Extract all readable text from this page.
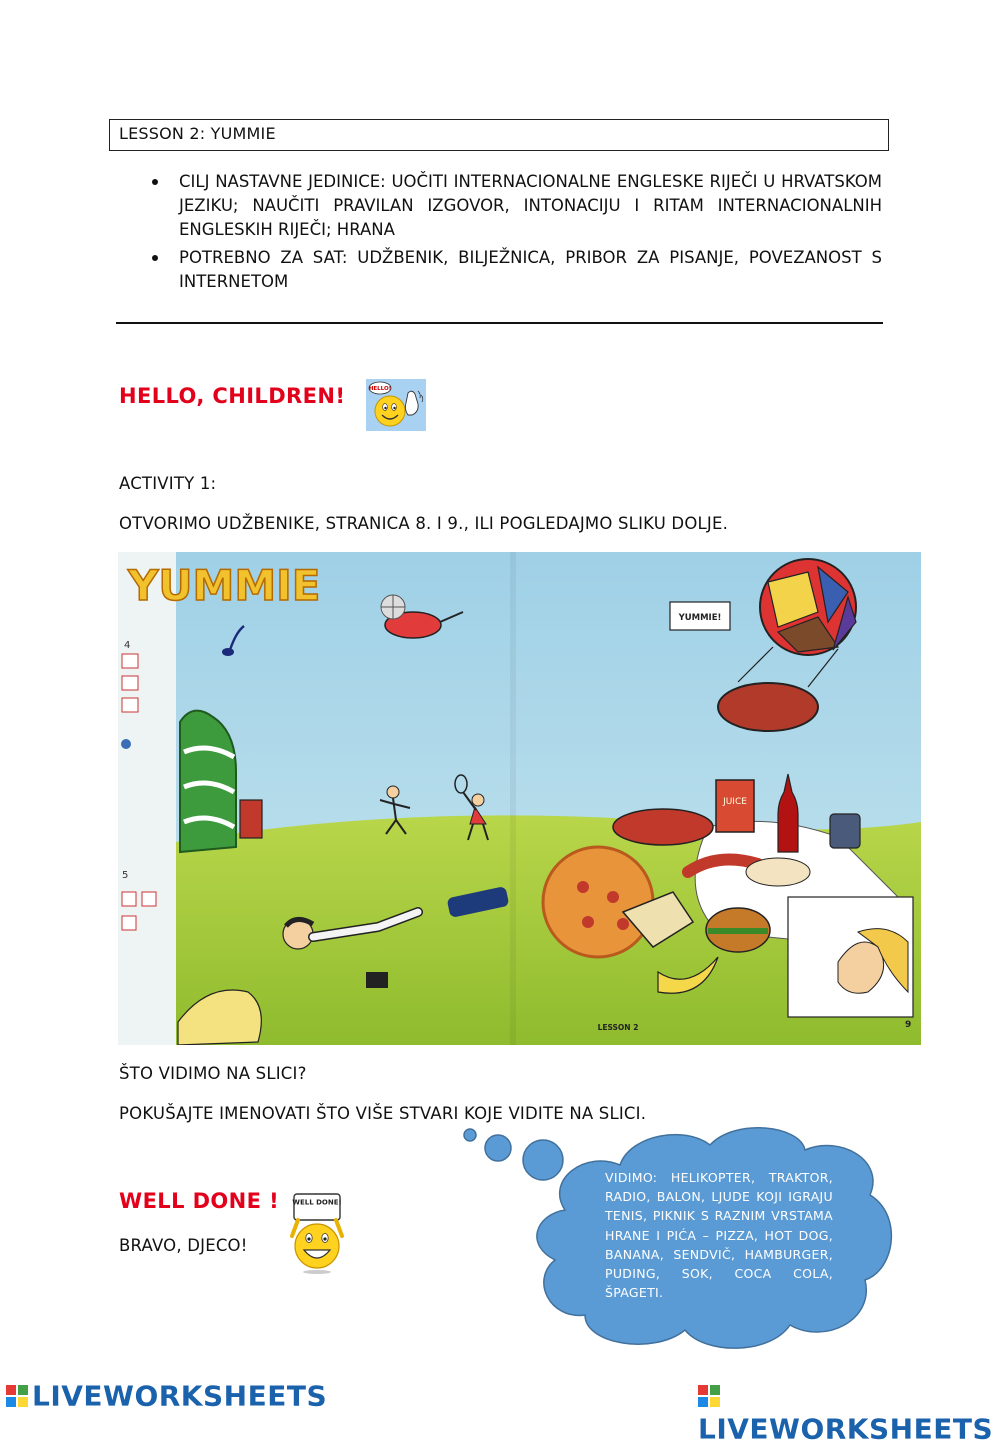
LESSON 2: YUMMIE
CILJ NASTAVNE JEDINICE: UOČITI INTERNACIONALNE ENGLESKE RIJEČI U HRVATSKOM JEZIKU; NAUČITI PRAVILAN IZGOVOR, INTONACIJU I RITAM INTERNACIONALNIH ENGLESKIH RIJEČI; HRANA
POTREBNO ZA SAT: UDŽBENIK, BILJEŽNICA, PRIBOR ZA PISANJE, POVEZANOST S INTERNETOM
HELLO, CHILDREN!	HELLO!
ACTIVITY 1:
OTVORIMO UDŽBENIKE, STRANICA 8. I 9., ILI POGLEDAJMO SLIKU DOLJE.
YUMMIE
4
5
YUMMIE!
JUICE
LESSON 2	9
ŠTO VIDIMO NA SLICI?
POKUŠAJTE IMENOVATI ŠTO VIŠE STVARI KOJE VIDITE NA SLICI.
VIDIMO: HELIKOPTER, TRAKTOR, RADIO, BALON, LJUDE KOJI IGRAJU TENIS, PIKNIK S RAZNIM VRSTAMA HRANE I PIĆA – PIZZA, HOT DOG, BANANA, SENDVIČ, HAMBURGER, PUDING, SOK, COCA COLA, ŠPAGETI.
WELL DONE ! WELL DONE!
BRAVO, DJECO!
LIVEWORKSHEETS
LIVEWORKSHEETS
